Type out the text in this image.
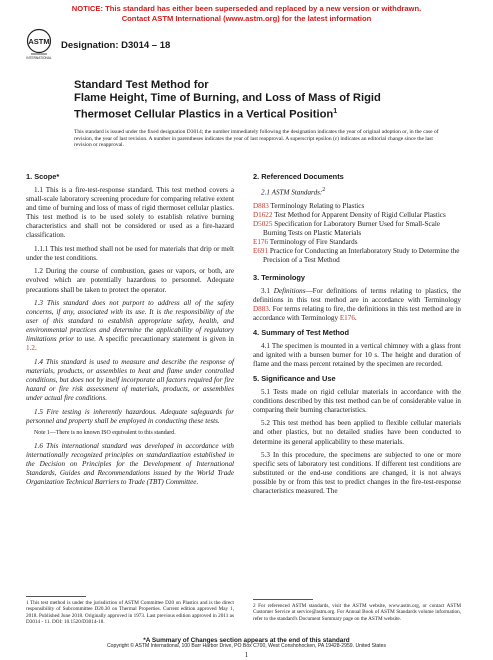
NOTICE: This standard has either been superseded and replaced by a new version or withdrawn.
Contact ASTM International (www.astm.org) for the latest information
ASTM
INTERNATIONAL
Designation: D3014 – 18
Standard Test Method for
Flame Height, Time of Burning, and Loss of Mass of Rigid
Thermoset Cellular Plastics in a Vertical Position$^1$
This standard is issued under the fixed designation D3014; the number immediately following the designation indicates the year of original adoption or, in the case of revision, the year of last revision. A number in parentheses indicates the year of last reapproval. A superscript epsilon (ε) indicates an editorial change since the last revision or reapproval.
1. Scope*

1.1 This is a fire-test-response standard. This test method covers a small-scale laboratory screening procedure for comparing relative extent and time of burning and loss of mass of rigid thermoset cellular plastics. This test method is to be used solely to establish relative burning characteristics and shall not be considered or used as a fire-hazard classification.

1.1.1 This test method shall not be used for materials that drip or melt under the test conditions.

1.2 During the course of combustion, gases or vapors, or both, are evolved which are potentially hazardous to personnel. Adequate precautions shall be taken to protect the operator.

1.3 This standard does not purport to address all of the safety concerns, if any, associated with its use. It is the responsibility of the user of this standard to establish appropriate safety, health, and environmental practices and determine the applicability of regulatory limitations prior to use. A specific precautionary statement is given in 1.2.

1.4 This standard is used to measure and describe the response of materials, products, or assemblies to heat and flame under controlled conditions, but does not by itself incorporate all factors required for fire hazard or fire risk assessment of materials, products, or assemblies under actual fire conditions.

1.5 Fire testing is inherently hazardous. Adequate safeguards for personnel and property shall be employed in conducting these tests.

Note 1—There is no known ISO equivalent to this standard.

1.6 This international standard was developed in accordance with internationally recognized principles on standardization established in the Decision on Principles for the Development of International Standards, Guides and Recommendations issued by the World Trade Organization Technical Barriers to Trade (TBT) Committee.

1 This test method is under the jurisdiction of ASTM Committee D20 on Plastics and is the direct responsibility of Subcommittee D20.30 on Thermal Properties. Current edition approved May 1, 2018. Published June 2018. Originally approved in 1973. Last previous edition approved in 2011 as D3014 - 11. DOI: 10.1520/D3014-18.
2. Referenced Documents

2.1 ASTM Standards:$^2$

D883 Terminology Relating to Plastics
D1622 Test Method for Apparent Density of Rigid Cellular Plastics
D5025 Specification for Laboratory Burner Used for Small-Scale Burning Tests on Plastic Materials
E176 Terminology of Fire Standards
E691 Practice for Conducting an Interlaboratory Study to Determine the Precision of a Test Method
3. Terminology

3.1 Definitions—For definitions of terms relating to plastics, the definitions in this test method are in accordance with Terminology D883. For terms relating to fire, the definitions in this test method are in accordance with Terminology E176.

4. Summary of Test Method

4.1 The specimen is mounted in a vertical chimney with a glass front and ignited with a bunsen burner for 10 s. The height and duration of flame and the mass percent retained by the specimen are recorded.

5. Significance and Use

5.1 Tests made on rigid cellular materials in accordance with the conditions described by this test method can be of considerable value in comparing their burning characteristics.

5.2 This test method has been applied to flexible cellular materials and other plastics, but no detailed studies have been conducted to determine its general applicability to these materials.

5.3 In this procedure, the specimens are subjected to one or more specific sets of laboratory test conditions. If different test conditions are substituted or the end-use conditions are changed, it is not always possible by or from this test to predict changes in the fire-test-response characteristics measured. The

2 For referenced ASTM standards, visit the ASTM website, www.astm.org, or contact ASTM Customer Service at service@astm.org. For Annual Book of ASTM Standards volume information, refer to the standard's Document Summary page on the ASTM website.
*A Summary of Changes section appears at the end of this standard
Copyright © ASTM International, 100 Barr Harbor Drive, PO Box C700, West Conshohocken, PA 19428-2959. United States
1
